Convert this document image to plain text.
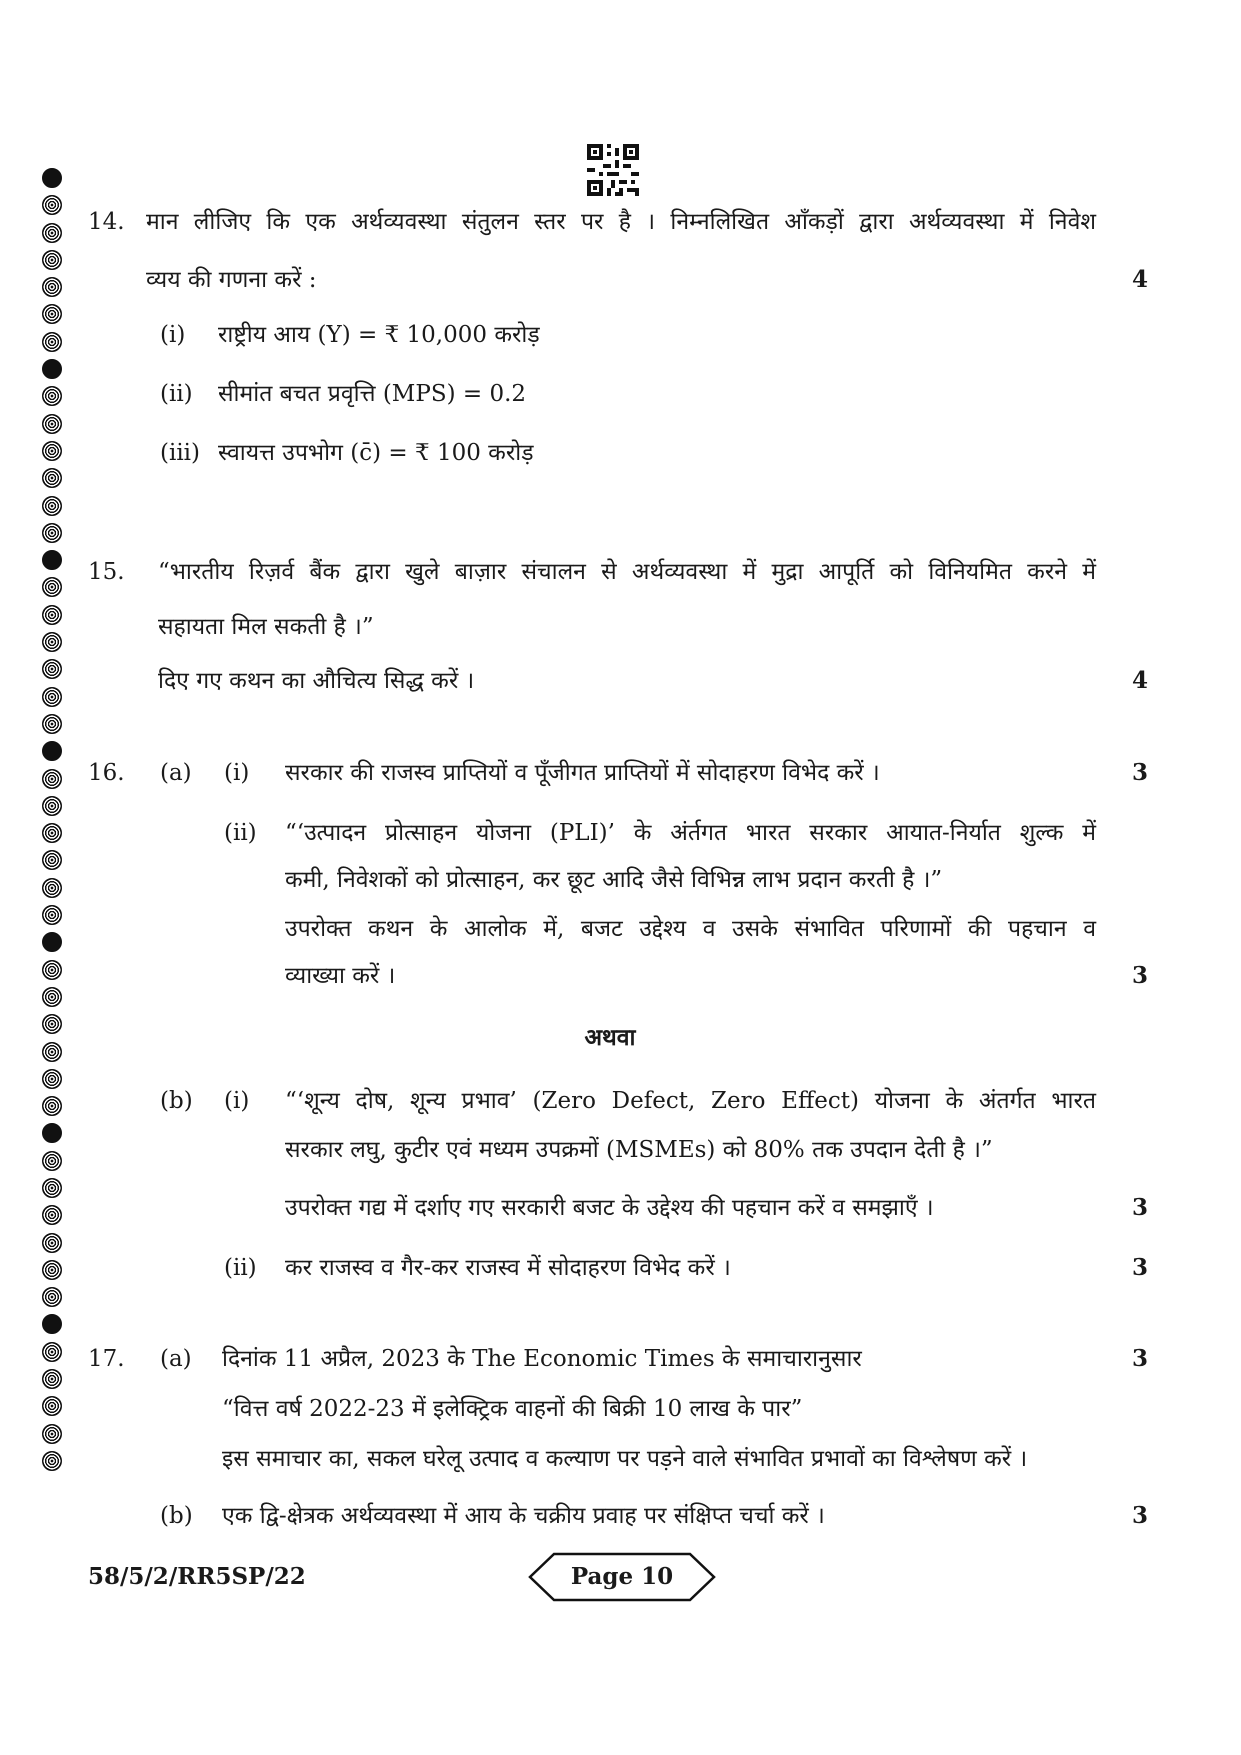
14. मान लीजिए कि एक अर्थव्यवस्था संतुलन स्तर पर है । निम्नलिखित आँकड़ों द्वारा अर्थव्यवस्था में निवेश
व्यय की गणना करें :	4
(i) राष्ट्रीय आय (Y) = ₹ 10,000 करोड़
(ii) सीमांत बचत प्रवृत्ति (MPS) = 0.2
(iii) स्वायत्त उपभोग (c̄) = ₹ 100 करोड़
15. “भारतीय रिज़र्व बैंक द्वारा खुले बाज़ार संचालन से अर्थव्यवस्था में मुद्रा आपूर्ति को विनियमित करने में
सहायता मिल सकती है ।”
दिए गए कथन का औचित्य सिद्ध करें ।	4
16. (a) (i) सरकार की राजस्व प्राप्तियों व पूँजीगत प्राप्तियों में सोदाहरण विभेद करें ।	3
(ii) “‘उत्पादन प्रोत्साहन योजना (PLI)’ के अंर्तगत भारत सरकार आयात-निर्यात शुल्क में
कमी, निवेशकों को प्रोत्साहन, कर छूट आदि जैसे विभिन्न लाभ प्रदान करती है ।”
उपरोक्त कथन के आलोक में, बजट उद्देश्य व उसके संभावित परिणामों की पहचान व
व्याख्या करें ।	3
अथवा
(b) (i) “‘शून्य दोष, शून्य प्रभाव’ (Zero Defect, Zero Effect) योजना के अंतर्गत भारत
सरकार लघु, कुटीर एवं मध्यम उपक्रमों (MSMEs) को 80% तक उपदान देती है ।”
उपरोक्त गद्य में दर्शाए गए सरकारी बजट के उद्देश्य की पहचान करें व समझाएँ ।	3
(ii) कर राजस्व व गैर-कर राजस्व में सोदाहरण विभेद करें ।	3
17. (a) दिनांक 11 अप्रैल, 2023 के The Economic Times के समाचारानुसार	3
“वित्त वर्ष 2022-23 में इलेक्ट्रिक वाहनों की बिक्री 10 लाख के पार”
इस समाचार का, सकल घरेलू उत्पाद व कल्याण पर पड़ने वाले संभावित प्रभावों का विश्लेषण करें ।
(b) एक द्वि-क्षेत्रक अर्थव्यवस्था में आय के चक्रीय प्रवाह पर संक्षिप्त चर्चा करें ।	3
58/5/2/RR5SP/22	Page 10
